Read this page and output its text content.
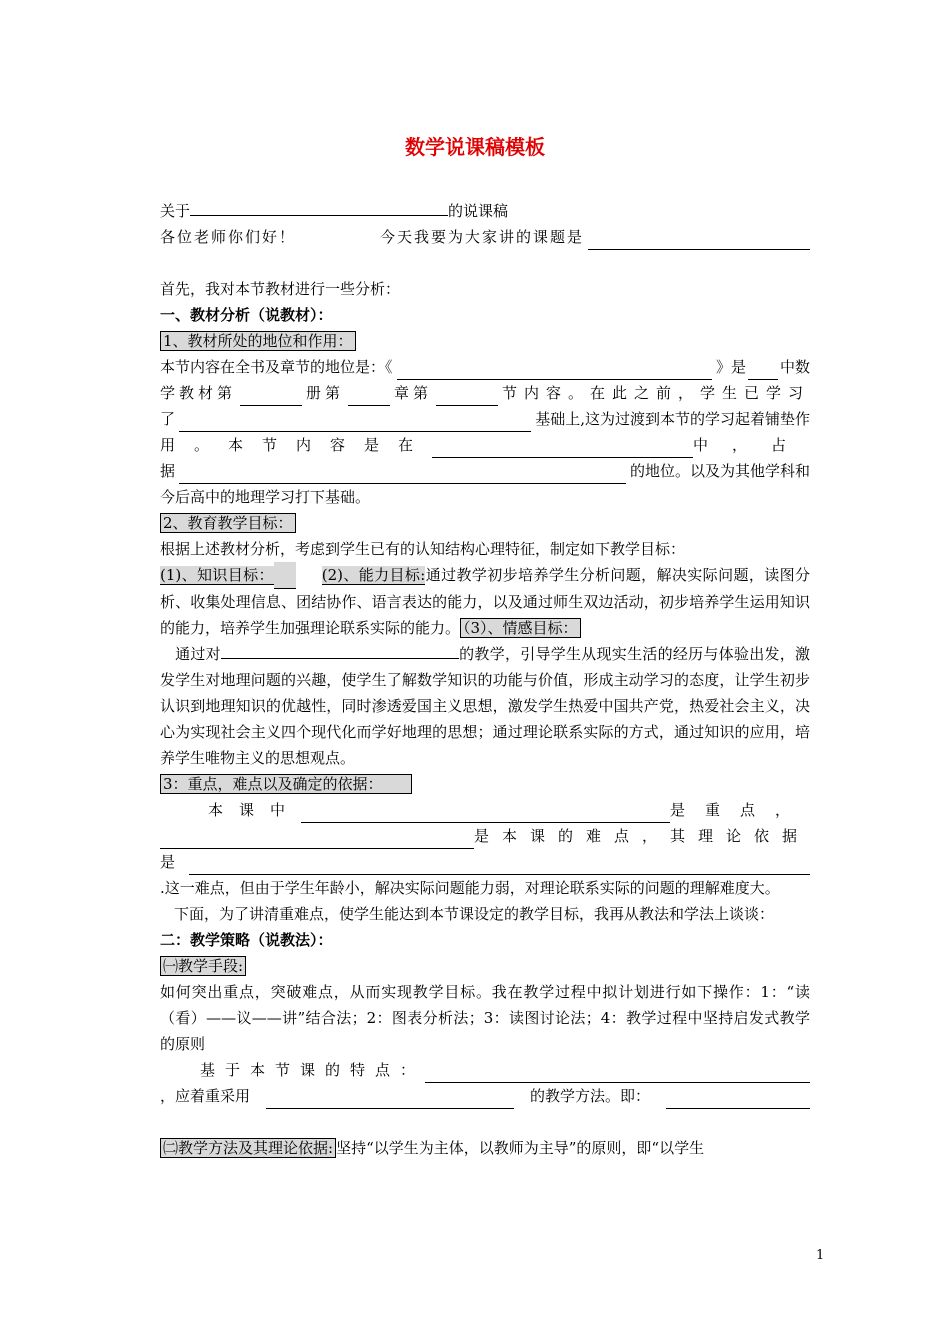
数学说课稿模板
关于	的说课稿
各位老师你们好！	今天我要为大家讲的课题是
首先，我对本节教材进行一些分析：
一、教材分析（说教材）：
1、教材所处的地位和作用：
本节内容在全书及章节的地位是：《	》是 中数
学教材第	册第	章第	节内容。在此之前，学生已学习
了	基础上,这为过渡到本节的学习起着铺垫作
用。本节内容是在	中，占
据	的地位。以及为其他学科和
今后高中的地理学习打下基础。
2、教育教学目标：
根据上述教材分析，考虑到学生已有的认知结构心理特征，制定如下教学目标：
(1)、知识目标：	(2)、能力目标:通过教学初步培养学生分析问题，解决实际问题，读图分析、收集处理信息、团结协作、语言表达的能力，以及通过师生双边活动，初步培养学生运用知识的能力，培养学生加强理论联系实际的能力。 （3）、情感目标：
通过对	的教学，引导学生从现实生活的经历与体验出发，激发学生对地理问题的兴趣，使学生了解数学知识的功能与价值，形成主动学习的态度，让学生初步认识到地理知识的优越性，同时渗透爱国主义思想，激发学生热爱中国共产党，热爱社会主义，决心为实现社会主义四个现代化而学好地理的思想；通过理论联系实际的方式，通过知识的应用，培养学生唯物主义的思想观点。
3：重点，难点以及确定的依据：
本课中	是重点，
是本课的难点，其理论依据
是
.这一难点，但由于学生年龄小，解决实际问题能力弱，对理论联系实际的问题的理解难度大。
下面，为了讲清重难点，使学生能达到本节课设定的教学目标，我再从教法和学法上谈谈：
二：教学策略（说教法）：
㈠教学手段:
如何突出重点，突破难点，从而实现教学目标。我在教学过程中拟计划进行如下操作：1：“读（看）——议——讲”结合法；2：图表分析法；3：读图讨论法；4：教学过程中坚持启发式教学的原则
基于本节课的特点：
，应着重采用	的教学方法。即：
㈡教学方法及其理论依据: 坚持“以学生为主体，以教师为主导”的原则，即“以学生
1
